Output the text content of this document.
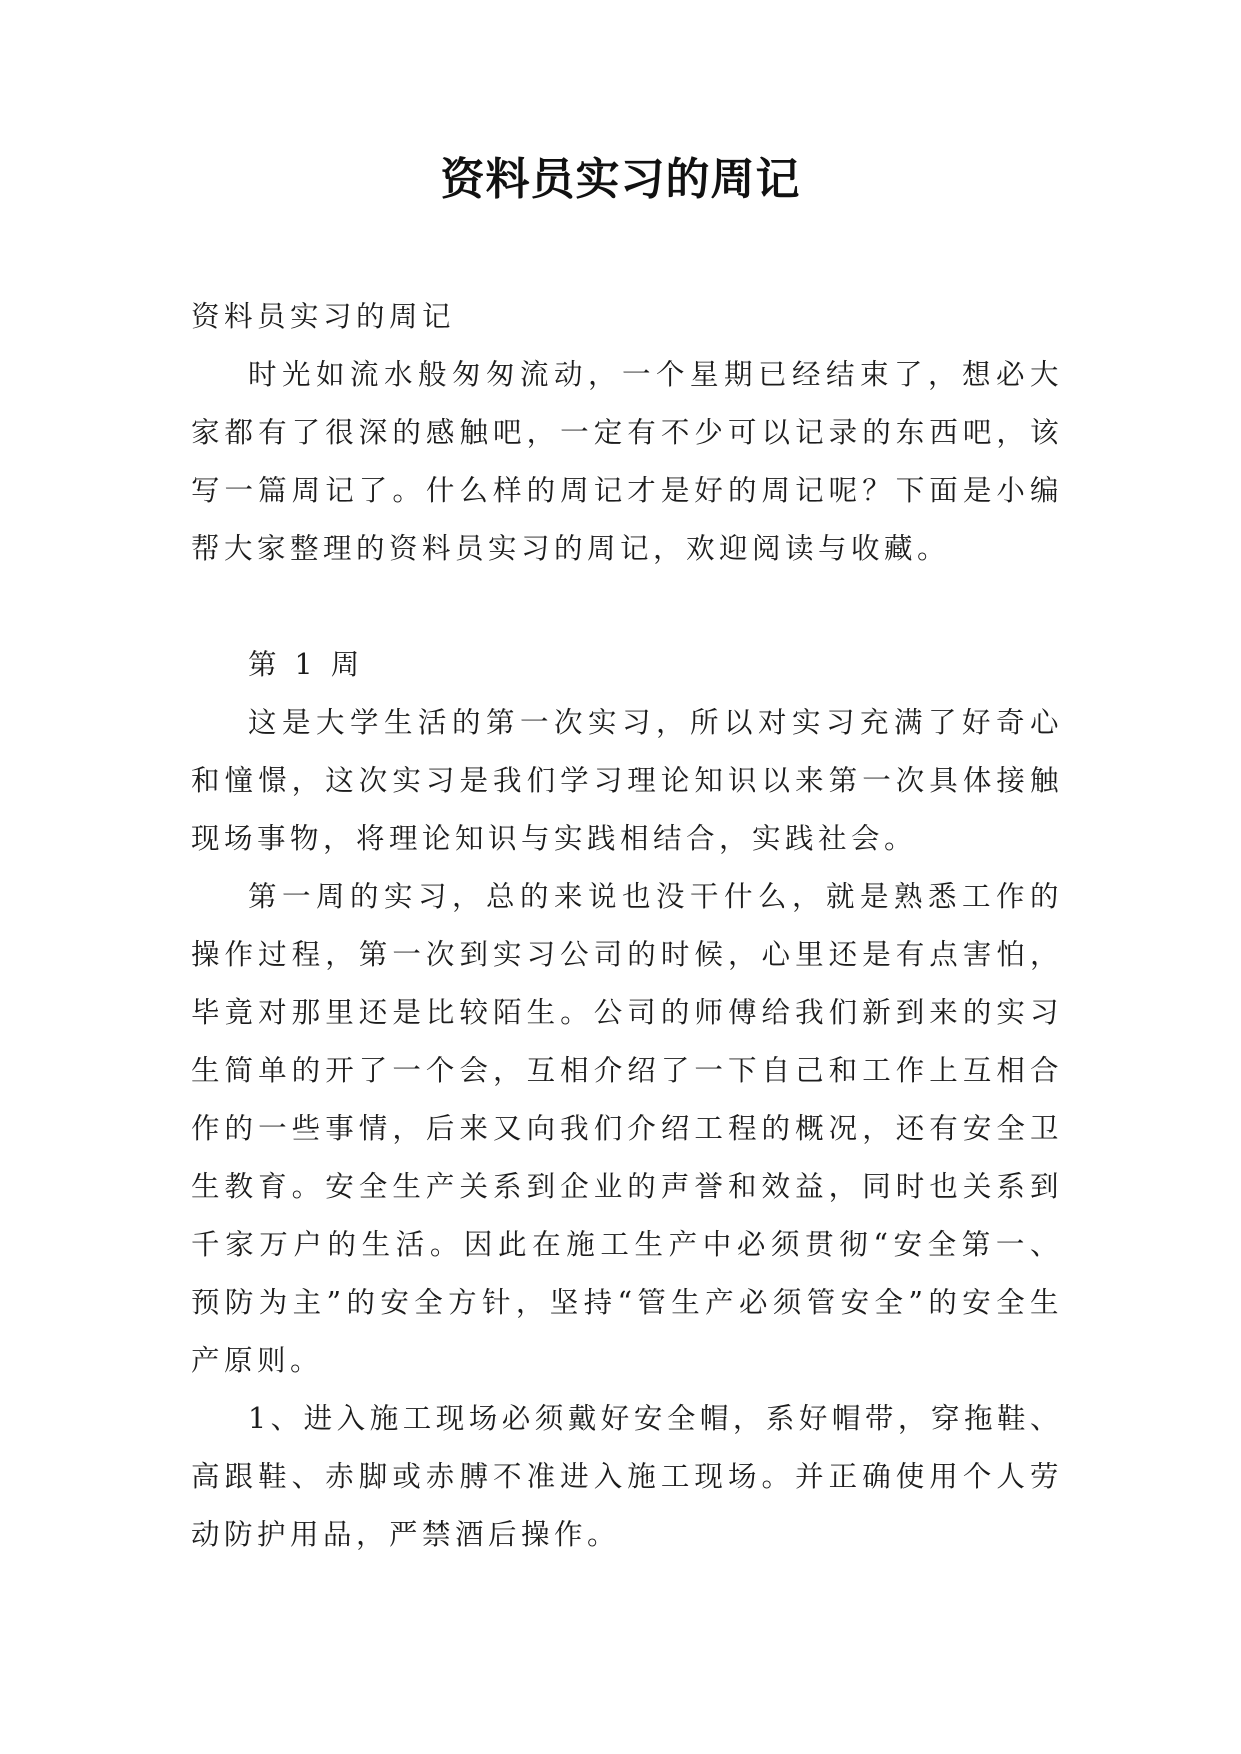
资料员实习的周记

资料员实习的周记

时光如流水般匆匆流动，一个星期已经结束了，想必大家都有了很深的感触吧，一定有不少可以记录的东西吧，该写一篇周记了。什么样的周记才是好的周记呢？下面是小编帮大家整理的资料员实习的周记，欢迎阅读与收藏。

第 1 周

这是大学生活的第一次实习，所以对实习充满了好奇心和憧憬，这次实习是我们学习理论知识以来第一次具体接触现场事物，将理论知识与实践相结合，实践社会。

第一周的实习，总的来说也没干什么，就是熟悉工作的操作过程，第一次到实习公司的时候，心里还是有点害怕，毕竟对那里还是比较陌生。公司的师傅给我们新到来的实习生简单的开了一个会，互相介绍了一下自己和工作上互相合作的一些事情，后来又向我们介绍工程的概况，还有安全卫生教育。安全生产关系到企业的声誉和效益，同时也关系到千家万户的生活。因此在施工生产中必须贯彻“安全第一、预防为主”的安全方针，坚持“管生产必须管安全”的安全生产原则。

1、进入施工现场必须戴好安全帽，系好帽带，穿拖鞋、高跟鞋、赤脚或赤膊不准进入施工现场。并正确使用个人劳动防护用品，严禁酒后操作。
